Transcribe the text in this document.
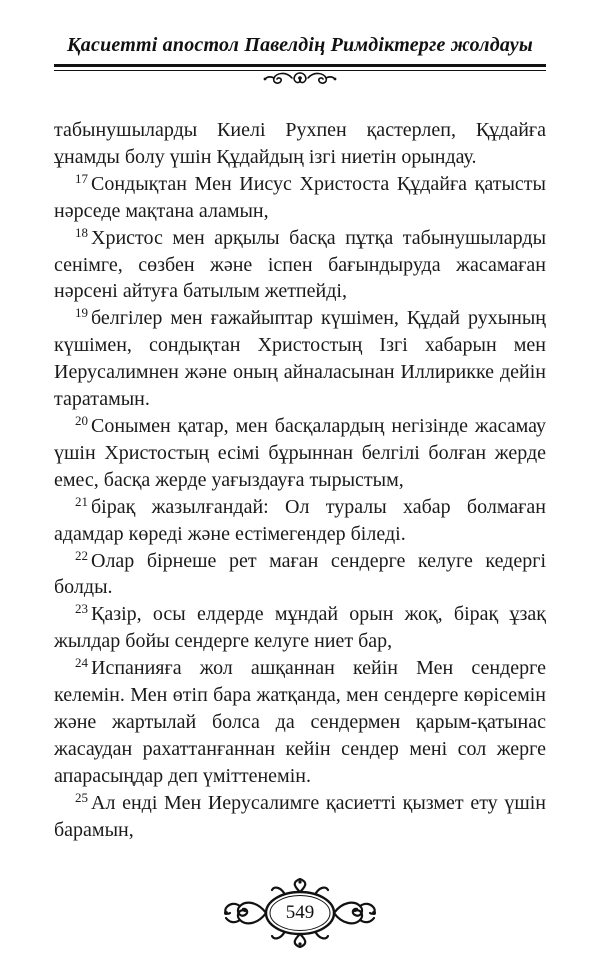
Қасиетті апостол Павелдің Римдіктерге жолдауы

табынушыларды Киелі Рухпен қастерлеп, Құдайға ұнамды болу үшін Құдайдың ізгі ниетін орындау.

$^{17}$ Сондықтан Мен Иисус Христоста Құдайға қатысты нәрседе мақтана аламын,

$^{18}$ Христос мен арқылы басқа пұтқа табынушыларды сенімге, сөзбен және іспен бағындыруда жасамаған нәрсені айтуға батылым жетпейді,

$^{19}$ белгілер мен ғажайыптар күшімен, Құдай рухының күшімен, сондықтан Христостың Ізгі хабарын мен Иерусалимнен және оның айналасынан Иллирикке дейін таратамын.

$^{20}$ Сонымен қатар, мен басқалардың негізінде жасамау үшін Христостың есімі бұрыннан белгілі болған жерде емес, басқа жерде уағыздауға тырыстым,

$^{21}$ бірақ жазылғандай: Ол туралы хабар болмаған адамдар көреді және естімегендер біледі.

$^{22}$ Олар бірнеше рет маған сендерге келуге кедергі болды.

$^{23}$ Қазір, осы елдерде мұндай орын жоқ, бірақ ұзақ жылдар бойы сендерге келуге ниет бар,

$^{24}$ Испанияға жол ашқаннан кейін Мен сендерге келемін. Мен өтіп бара жатқанда, мен сендерге көрісемін және жартылай болса да сендермен қарым-қатынас жасаудан рахаттанғаннан кейін сендер мені сол жерге апарасыңдар деп үміттенемін.

$^{25}$ Ал енді Мен Иерусалимге қасиетті қызмет ету үшін барамын,

549
